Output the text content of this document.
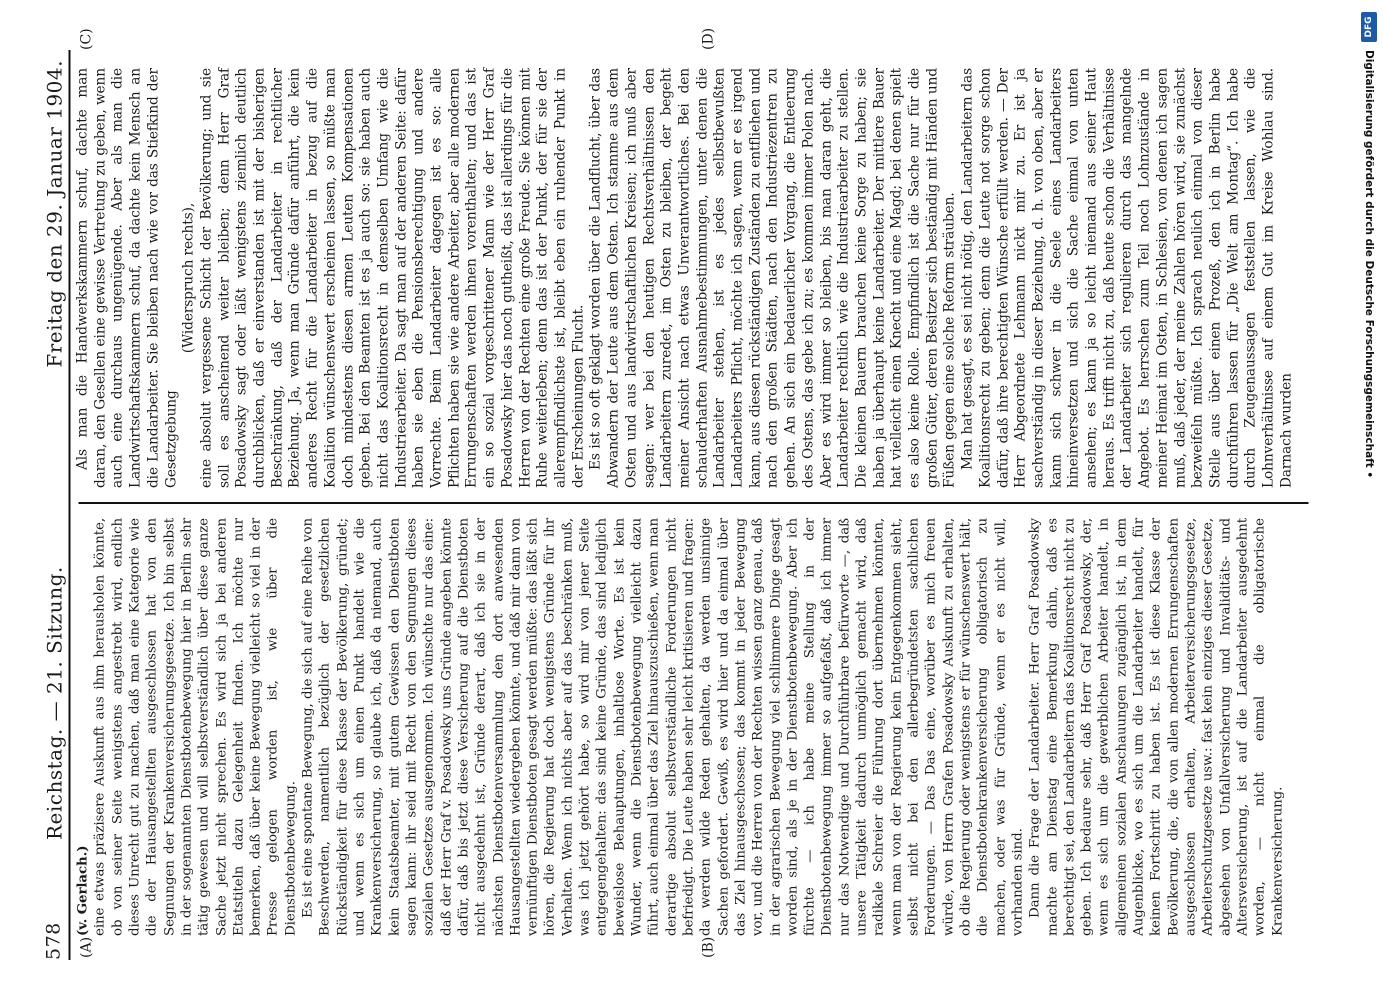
578
Reichstag. — 21. Sitzung.
Freitag den 29. Januar 1904.
(A)	(B)
(C)	(D)

(v. Gerlach.) eine etwas präzisere Auskunft aus ihm herausholen könnte, ob von seiner Seite wenigstens angestrebt wird, endlich dieses Unrecht gut zu machen, daß man eine Kategorie wie die der Hausangestellten ausgeschlossen hat von den Segnungen der Krankenversicherungsgesetze. Ich bin selbst in der sogenannten Dienstbotenbewegung hier in Berlin sehr tätig gewesen und will selbstverständlich über diese ganze Sache jetzt nicht sprechen. Es wird sich ja bei anderen Etatstiteln dazu Gelegenheit finden. Ich möchte nur bemerken, daß über keine Bewegung vielleicht so viel in der Presse gelogen worden ist, wie über die Dienstbotenbewegung. Es ist eine spontane Bewegung, die sich auf eine Reihe von Beschwerden, namentlich bezüglich der gesetzlichen Rückständigkeit für diese Klasse der Bevölkerung, gründet; und wenn es sich um einen Punkt handelt wie die Krankenversicherung, so glaube ich, daß da niemand, auch kein Staatsbeamter, mit gutem Gewissen den Dienstboten sagen kann: ihr seid mit Recht von den Segnungen dieses sozialen Gesetzes ausgenommen. Ich wünschte nur das eine: daß der Herr Graf v. Posadowsky uns Gründe angeben könnte dafür, daß bis jetzt diese Versicherung auf die Dienstboten nicht ausgedehnt ist, Gründe derart, daß ich sie in der nächsten Dienstbotenversammlung den dort anwesenden Hausangestellten wiedergeben könnte, und daß mir dann von vernünftigen Dienstboten gesagt werden müßte: das läßt sich hören, die Regierung hat doch wenigstens Gründe für ihr Verhalten. Wenn ich nichts aber auf das beschränken muß, was ich jetzt gehört habe, so wird mir von jener Seite entgegengehalten: das sind keine Gründe, das sind lediglich beweislose Behauptungen, inhaltlose Worte. Es ist kein Wunder, wenn die Dienstbotenbewegung vielleicht dazu führt, auch einmal über das Ziel hinauszuschießen, wenn man derartige absolut selbstverständliche Forderungen nicht befriedigt. Die Leute haben sehr leicht kritisieren und fragen: da werden wilde Reden gehalten, da werden unsinnige Sachen gefordert. Gewiß, es wird hier und da einmal über das Ziel hinausgeschossen; das kommt in jeder Bewegung vor, und die Herren von der Rechten wissen ganz genau, daß in der agrarischen Bewegung viel schlimmere Dinge gesagt worden sind, als je in der Dienstbotenbewegung. Aber ich fürchte — ich habe meine Stellung in der Dienstbotenbewegung immer so aufgefaßt, daß ich immer nur das Notwendige und Durchführbare befürworte —, daß unsere Tätigkeit dadurch unmöglich gemacht wird, daß radikale Schreier die Führung dort übernehmen könnten, wenn man von der Regierung kein Entgegenkommen sieht, selbst nicht bei den allerbegründetsten sachlichen Forderungen. — Das Das eine, worüber es mich freuen würde, von Herrn Grafen Posadowsky Auskunft zu erhalten, ob die Regierung oder wenigstens er für wünschenswert hält, die Dienstbotenkrankenversicherung obligatorisch zu machen, oder was für Gründe, wenn er es nicht will, vorhanden sind. Dann die Frage der Landarbeiter. Herr Graf Posadowsky machte am Dienstag eine Bemerkung dahin, daß es berechtigt sei, den Landarbeitern das Koalitionsrecht nicht zu geben. Ich bedaure sehr, daß Herr Graf Posadowsky, der, wenn es sich um die gewerblichen Arbeiter handelt, in allgemeinen sozialen Anschauungen zugänglich ist, in dem Augenblicke, wo es sich um die Landarbeiter handelt, für keinen Fortschritt zu haben ist. Es ist diese Klasse der Bevölkerung, die, die von allen modernen Errungenschaften ausgeschlossen erhalten, Arbeiterversicherungsgesetze, Arbeiterschutzgesetze usw.: fast kein einziges dieser Gesetze, abgesehen von Unfallversicherung und Invaliditäts- und Altersversicherung, ist auf die Landarbeiter ausgedehnt worden, — nicht einmal die obligatorische Krankenversicherung.

Als man die Handwerkskammern schuf, dachte man daran, den Gesellen eine gewisse Vertretung zu geben, wenn auch eine durchaus ungenügende. Aber als man die Landwirtschaftskammern schuf, da dachte kein Mensch an die Landarbeiter. Sie bleiben nach wie vor das Stiefkind der Gesetzgebung

(Widerspruch rechts), eine absolut vergessene Schicht der Bevölkerung; und sie soll es anscheinend weiter bleiben; denn Herr Graf Posadowsky sagt oder läßt wenigstens ziemlich deutlich durchblicken, daß er einverstanden ist mit der bisherigen Beschränkung, daß der Landarbeiter in rechtlicher Beziehung. Ja, wenn man Gründe dafür anführt, die kein anderes Recht für die Landarbeiter in bezug auf die Koalition wünschenswert erscheinen lassen, so müßte man doch mindestens diesen armen Leuten Kompensationen geben. Bei den Beamten ist es ja auch so: sie haben auch nicht das Koalitionsrecht in demselben Umfang wie die Industriearbeiter. Da sagt man auf der anderen Seite: dafür haben sie eben die Pensionsberechtigung und andere Vorrechte. Beim Landarbeiter dagegen ist es so: alle Pflichten haben sie wie andere Arbeiter, aber alle modernen Errungenschaften werden ihnen vorenthalten; und das ist ein so sozial vorgeschrittener Mann wie der Herr Graf Posadowsky hier das noch gutheißt, das ist allerdings für die Herren von der Rechten eine große Freude. Sie können mit Ruhe weiterleben; denn das ist der Punkt, der für sie der allerempfindlichste ist, bleibt eben ein ruhender Punkt in der Erscheinungen Flucht. Es ist so oft geklagt worden über die Landflucht, über das Abwandern der Leute aus dem Osten. Ich stamme aus dem Osten und aus landwirtschaftlichen Kreisen; ich muß aber sagen: wer bei den heutigen Rechtsverhältnissen den Landarbeitern zuredet, im Osten zu bleiben, der begeht meiner Ansicht nach etwas Unverantwortliches. Bei den schauderhaften Ausnahmebestimmungen, unter denen die Landarbeiter stehen, ist es jedes selbstbewußten Landarbeiters Pflicht, möchte ich sagen, wenn er es irgend kann, aus diesen rückständigen Zuständen zu entfliehen und nach den großen Städten, nach den Industriezentren zu gehen. An sich ein bedauerlicher Vorgang, die Entleerung des Ostens, das gebe ich zu; es kommen immer Polen nach. Aber es wird immer so bleiben, bis man daran geht, die Landarbeiter rechtlich wie die Industriearbeiter zu stellen. Die kleinen Bauern brauchen keine Sorge zu haben; sie haben ja überhaupt keine Landarbeiter. Der mittlere Bauer hat vielleicht einen Knecht und eine Magd; bei denen spielt es also keine Rolle. Empfindlich ist die Sache nur für die großen Güter, deren Besitzer sich beständig mit Händen und Füßen gegen eine solche Reform sträuben. Man hat gesagt, es sei nicht nötig, den Landarbeitern das Koalitionsrecht zu geben; denn die Leute not sorge schon dafür, daß ihre berechtigten Wünsche erfüllt werden. — Der Herr Abgeordnete Lehmann nickt mir zu. Er ist ja sachverständig in dieser Beziehung, d. h. von oben, aber er kann sich schwer in die Seele eines Landarbeiters hineinversetzen und sich die Sache einmal von unten ansehen; es kann ja so leicht niemand aus seiner Haut heraus. Es trifft nicht zu, daß heute schon die Verhältnisse der Landarbeiter sich regulieren durch das mangelnde Angebot. Es herrschen zum Teil noch Lohnzustände in meiner Heimat im Osten, in Schlesien, von denen ich sagen muß, daß jeder, der meine Zahlen hören wird, sie zunächst bezweifeln müßte. Ich sprach neulich einmal von dieser Stelle aus über einen Prozeß, den ich in Berlin habe durchführen lassen für „Die Welt am Montag“. Ich habe durch Zeugenaussagen feststellen lassen, wie die Lohnverhältnisse auf einem Gut im Kreise Wohlau sind. Darnach wurden

DFG
Digitalisierung gefördert durch die Deutsche Forschungsgemeinschaft •
